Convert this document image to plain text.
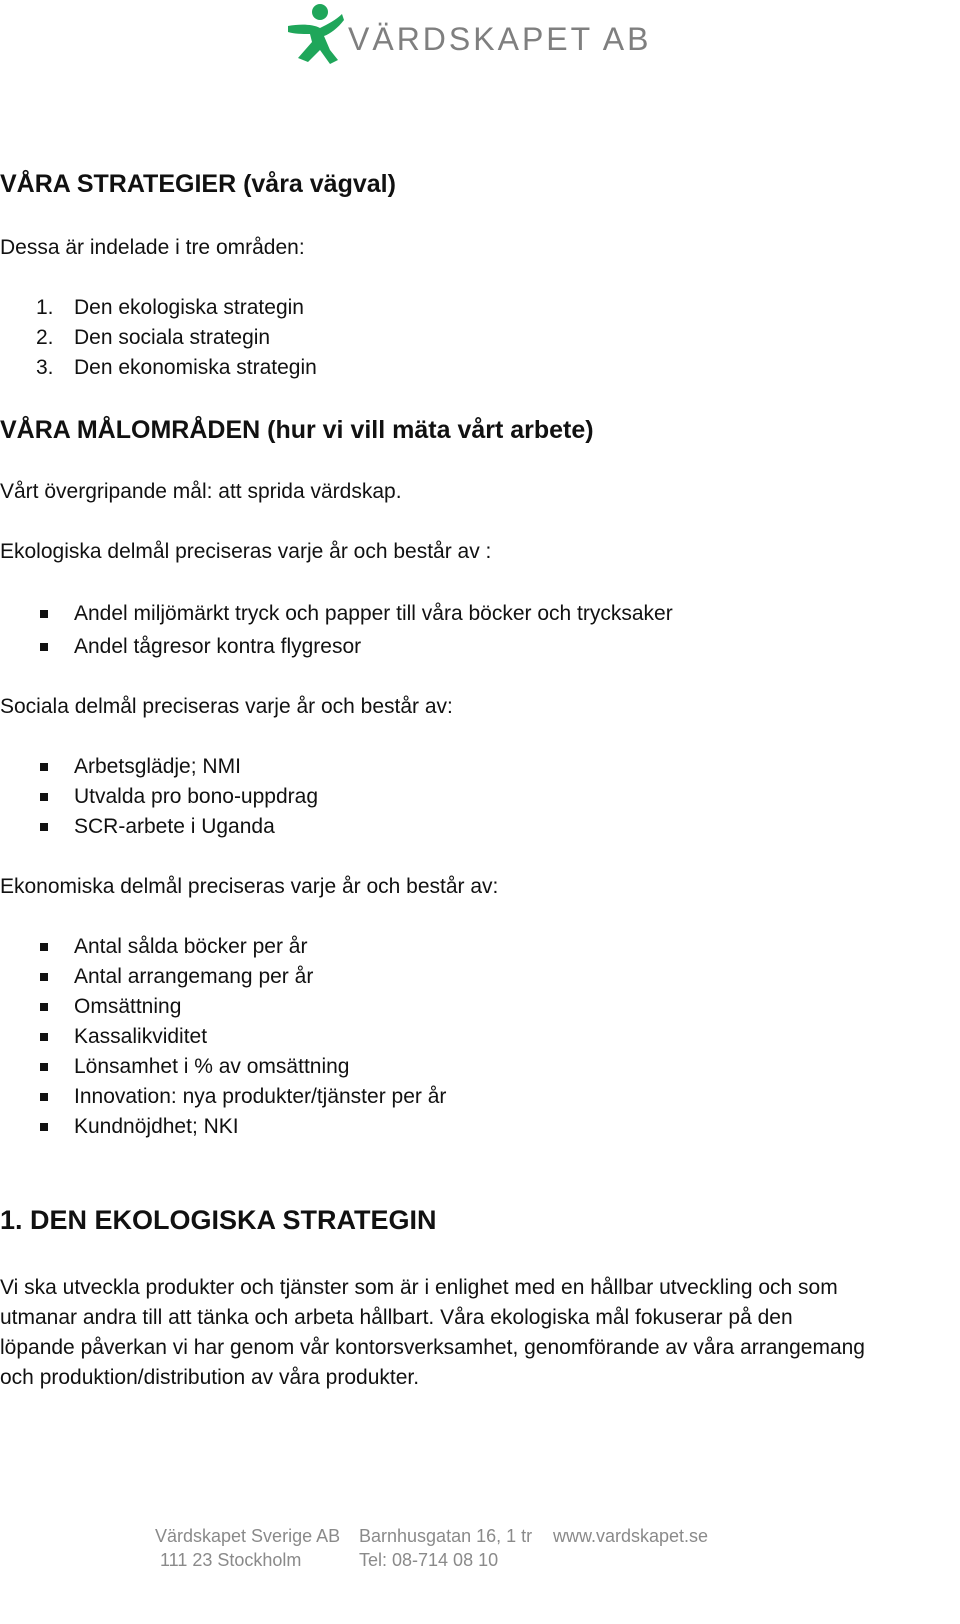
VÄRDSKAPET AB
VÅRA STRATEGIER (våra vägval)
Dessa är indelade i tre områden:
1. Den ekologiska strategin
2. Den sociala strategin
3. Den ekonomiska strategin
VÅRA MÅLOMRÅDEN (hur vi vill mäta vårt arbete)
Vårt övergripande mål: att sprida värdskap.
Ekologiska delmål preciseras varje år och består av :
Andel miljömärkt tryck och papper till våra böcker och trycksaker
Andel tågresor kontra flygresor
Sociala delmål preciseras varje år och består av:
Arbetsglädje; NMI
Utvalda pro bono-uppdrag
SCR-arbete i Uganda
Ekonomiska delmål preciseras varje år och består av:
Antal sålda böcker per år
Antal arrangemang per år
Omsättning
Kassalikviditet
Lönsamhet i % av omsättning
Innovation: nya produkter/tjänster per år
Kundnöjdhet; NKI
1. DEN EKOLOGISKA STRATEGIN
Vi ska utveckla produkter och tjänster som är i enlighet med en hållbar utveckling och som
utmanar andra till att tänka och arbeta hållbart. Våra ekologiska mål fokuserar på den
löpande påverkan vi har genom vår kontorsverksamhet, genomförande av våra arrangemang
och produktion/distribution av våra produkter.
Värdskapet Sverige AB
111 23 Stockholm
Barnhusgatan 16, 1 tr
Tel: 08-714 08 10
www.vardskapet.se
